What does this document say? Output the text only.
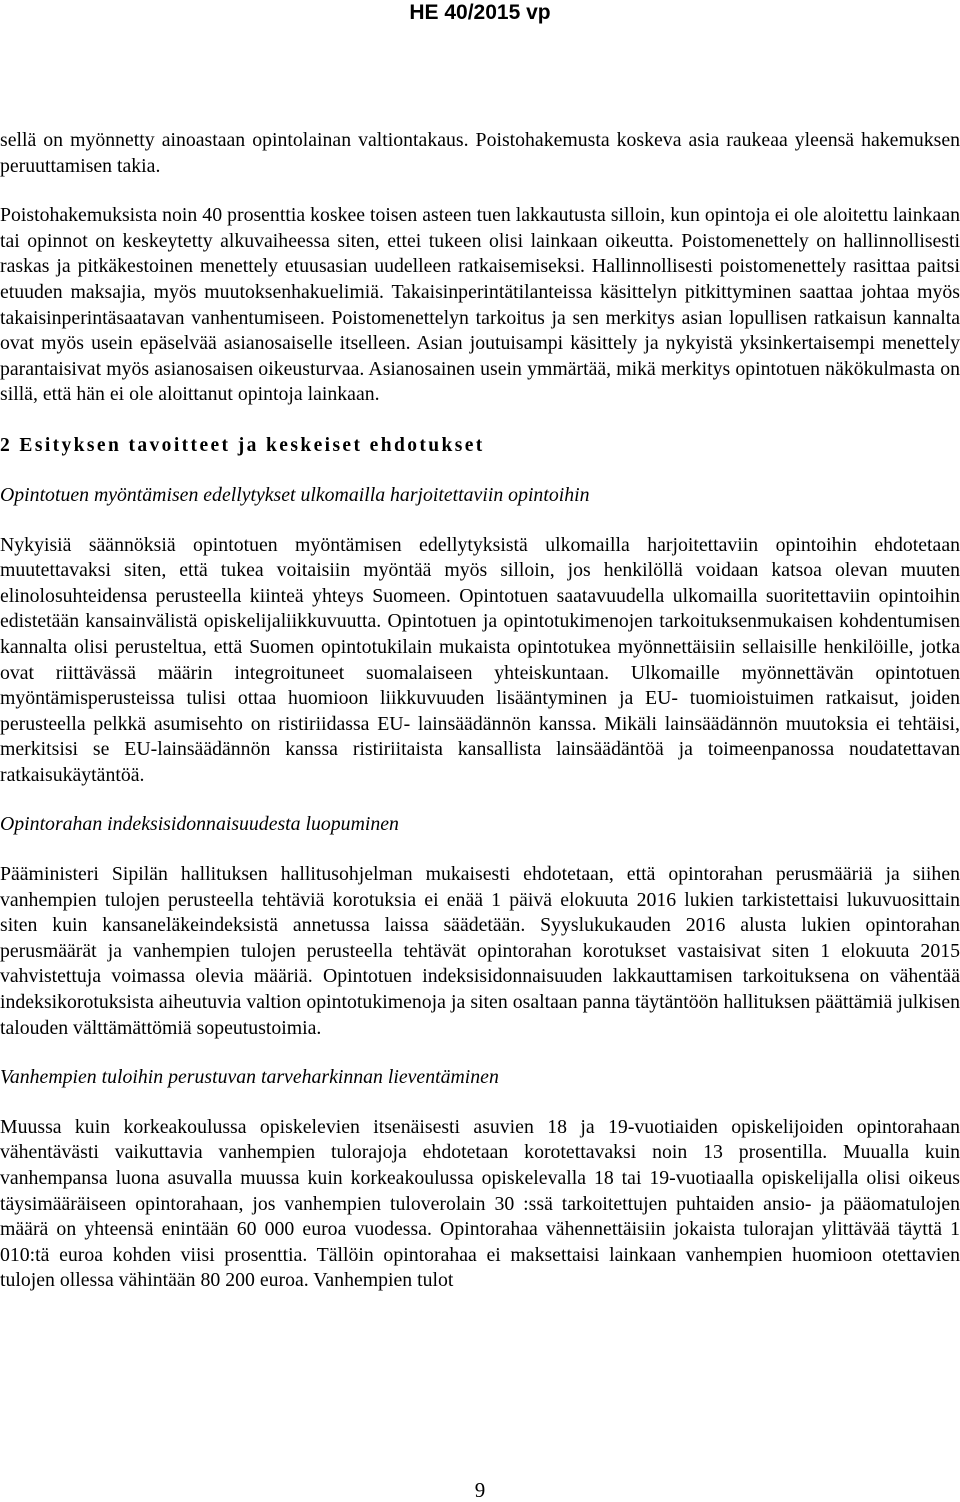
HE 40/2015 vp

sellä on myönnetty ainoastaan opintolainan valtiontakaus. Poistohakemusta koskeva asia raukeaa yleensä hakemuksen peruuttamisen takia.

Poistohakemuksista noin 40 prosenttia koskee toisen asteen tuen lakkautusta silloin, kun opintoja ei ole aloitettu lainkaan tai opinnot on keskeytetty alkuvaiheessa siten, ettei tukeen olisi lainkaan oikeutta. Poistomenettely on hallinnollisesti raskas ja pitkäkestoinen menettely etuusasian uudelleen ratkaisemiseksi. Hallinnollisesti poistomenettely rasittaa paitsi etuuden maksajia, myös muutoksenhakuelimiä. Takaisinperintätilanteissa käsittelyn pitkittyminen saattaa johtaa myös takaisinperintäsaatavan vanhentumiseen. Poistomenettelyn tarkoitus ja sen merkitys asian lopullisen ratkaisun kannalta ovat myös usein epäselvää asianosaiselle itselleen. Asian joutuisampi käsittely ja nykyistä yksinkertaisempi menettely parantaisivat myös asianosaisen oikeusturvaa. Asianosainen usein ymmärtää, mikä merkitys opintotuen näkökulmasta on sillä, että hän ei ole aloittanut opintoja lainkaan.

2 Esityksen tavoitteet ja keskeiset ehdotukset
Opintotuen myöntämisen edellytykset ulkomailla harjoitettaviin opintoihin

Nykyisiä säännöksiä opintotuen myöntämisen edellytyksistä ulkomailla harjoitettaviin opintoihin ehdotetaan muutettavaksi siten, että tukea voitaisiin myöntää myös silloin, jos henkilöllä voidaan katsoa olevan muuten elinolosuhteidensa perusteella kiinteä yhteys Suomeen. Opintotuen saatavuudella ulkomailla suoritettaviin opintoihin edistetään kansainvälistä opiskelijaliikkuvuutta. Opintotuen ja opintotukimenojen tarkoituksenmukaisen kohdentumisen kannalta olisi perusteltua, että Suomen opintotukilain mukaista opintotukea myönnettäisiin sellaisille henkilöille, jotka ovat riittävässä määrin integroituneet suomalaiseen yhteiskuntaan. Ulkomaille myönnettävän opintotuen myöntämisperusteissa tulisi ottaa huomioon liikkuvuuden lisääntyminen ja EU- tuomioistuimen ratkaisut, joiden perusteella pelkkä asumisehto on ristiriidassa EU- lainsäädännön kanssa. Mikäli lainsäädännön muutoksia ei tehtäisi, merkitsisi se EU-lainsäädännön kanssa ristiriitaista kansallista lainsäädäntöä ja toimeenpanossa noudatettavan ratkaisukäytäntöä.

Opintorahan indeksisidonnaisuudesta luopuminen

Pääministeri Sipilän hallituksen hallitusohjelman mukaisesti ehdotetaan, että opintorahan perusmääriä ja siihen vanhempien tulojen perusteella tehtäviä korotuksia ei enää 1 päivä elokuuta 2016 lukien tarkistettaisi lukuvuosittain siten kuin kansaneläkeindeksistä annetussa laissa säädetään. Syyslukukauden 2016 alusta lukien opintorahan perusmäärät ja vanhempien tulojen perusteella tehtävät opintorahan korotukset vastaisivat siten 1 elokuuta 2015 vahvistettuja voimassa olevia määriä. Opintotuen indeksisidonnaisuuden lakkauttamisen tarkoituksena on vähentää indeksikorotuksista aiheutuvia valtion opintotukimenoja ja siten osaltaan panna täytäntöön hallituksen päättämiä julkisen talouden välttämättömiä sopeutustoimia.

Vanhempien tuloihin perustuvan tarveharkinnan lieventäminen

Muussa kuin korkeakoulussa opiskelevien itsenäisesti asuvien 18 ja 19-vuotiaiden opiskelijoiden opintorahaan vähentävästi vaikuttavia vanhempien tulorajoja ehdotetaan korotettavaksi noin 13 prosentilla. Muualla kuin vanhempansa luona asuvalla muussa kuin korkeakoulussa opiskelevalla 18 tai 19-vuotiaalla opiskelijalla olisi oikeus täysimääräiseen opintorahaan, jos vanhempien tuloverolain 30 :ssä tarkoitettujen puhtaiden ansio- ja pääomatulojen määrä on yhteensä enintään 60 000 euroa vuodessa. Opintorahaa vähennettäisiin jokaista tulorajan ylittävää täyttä 1 010:tä euroa kohden viisi prosenttia. Tällöin opintorahaa ei maksettaisi lainkaan vanhempien huomioon otettavien tulojen ollessa vähintään 80 200 euroa. Vanhempien tulot

9
